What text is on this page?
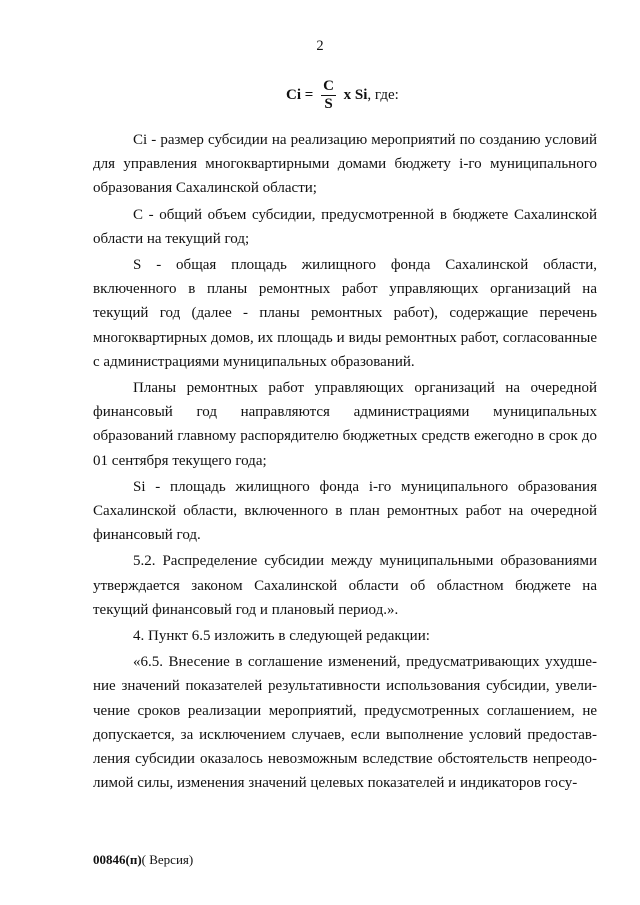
2
$Ci = \frac{C}{S}$ x Si, где:

Ci - размер субсидии на реализацию мероприятий по созданию условий для управления многоквартирными домами бюджету i-го муниципального образования Сахалинской области;

С - общий объем субсидии, предусмотренной в бюджете Сахалинской области на текущий год;

S - общая площадь жилищного фонда Сахалинской области, включенного в планы ремонтных работ управляющих организаций на текущий год (далее - планы ремонтных работ), содержащие перечень многоквартирных домов, их площадь и виды ремонтных работ, согласованные с администрациями муниципальных образований.

Планы ремонтных работ управляющих организаций на очередной финансовый год направляются администрациями муниципальных образований главному распорядителю бюджетных средств ежегодно в срок до 01 сентября текущего года;

Si - площадь жилищного фонда i-го муниципального образования Сахалинской области, включенного в план ремонтных работ на очередной финансовый год.

5.2. Распределение субсидии между муниципальными образованиями утверждается законом Сахалинской области об областном бюджете на текущий финансовый год и плановый период.».

4. Пункт 6.5 изложить в следующей редакции:

«6.5. Внесение в соглашение изменений, предусматривающих ухудше-ние значений показателей результативности использования субсидии, увели-чение сроков реализации мероприятий, предусмотренных соглашением, не допускается, за исключением случаев, если выполнение условий предостав-ления субсидии оказалось невозможным вследствие обстоятельств непреодо-лимой силы, изменения значений целевых показателей и индикаторов госу-

00846(п)( Версия)
